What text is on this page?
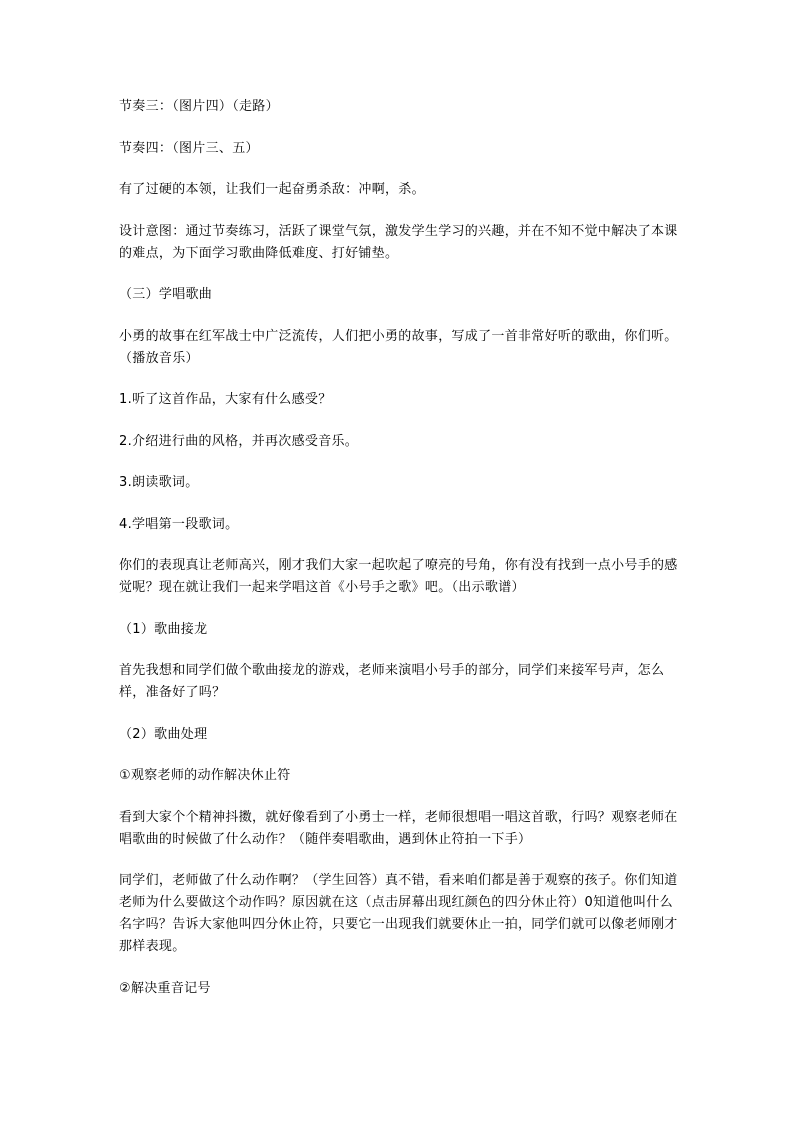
节奏三：（图片四）（走路）

节奏四：（图片三、五）

有了过硬的本领，让我们一起奋勇杀敌：冲啊，杀。

设计意图：通过节奏练习，活跃了课堂气氛，激发学生学习的兴趣，并在不知不觉中解决了本课的难点，为下面学习歌曲降低难度、打好铺垫。

（三）学唱歌曲

小勇的故事在红军战士中广泛流传，人们把小勇的故事，写成了一首非常好听的歌曲，你们听。（播放音乐）

1.听了这首作品，大家有什么感受？

2.介绍进行曲的风格，并再次感受音乐。

3.朗读歌词。

4.学唱第一段歌词。

你们的表现真让老师高兴，刚才我们大家一起吹起了嘹亮的号角，你有没有找到一点小号手的感觉呢？现在就让我们一起来学唱这首《小号手之歌》吧。（出示歌谱）

（1）歌曲接龙

首先我想和同学们做个歌曲接龙的游戏，老师来演唱小号手的部分，同学们来接军号声，怎么样，准备好了吗？

（2）歌曲处理

①观察老师的动作解决休止符

看到大家个个精神抖擞，就好像看到了小勇士一样，老师很想唱一唱这首歌，行吗？观察老师在唱歌曲的时候做了什么动作？（随伴奏唱歌曲，遇到休止符拍一下手）

同学们，老师做了什么动作啊？（学生回答）真不错，看来咱们都是善于观察的孩子。你们知道老师为什么要做这个动作吗？原因就在这（点击屏幕出现红颜色的四分休止符）0知道他叫什么名字吗？告诉大家他叫四分休止符，只要它一出现我们就要休止一拍，同学们就可以像老师刚才那样表现。

②解决重音记号
